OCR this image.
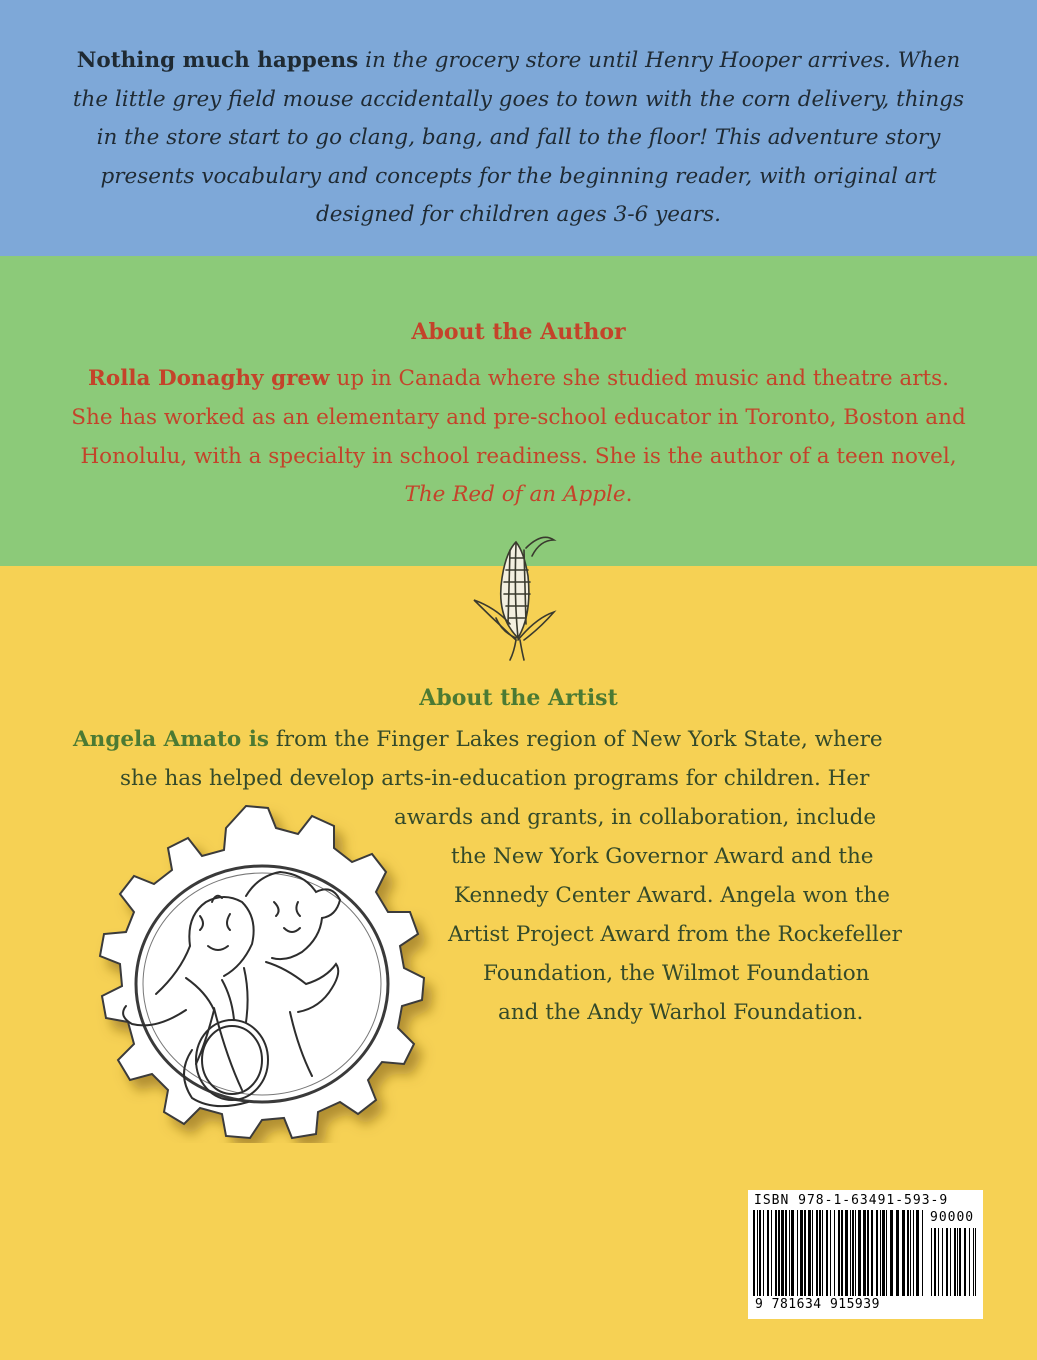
Nothing much happens in the grocery store until Henry Hooper arrives. When the little grey field mouse accidentally goes to town with the corn delivery, things in the store start to go clang, bang, and fall to the floor! This adventure story presents vocabulary and concepts for the beginning reader, with original art designed for children ages 3-6 years.

About the Author

Rolla Donaghy grew up in Canada where she studied music and theatre arts. She has worked as an elementary and pre-school educator in Toronto, Boston and Honolulu, with a specialty in school readiness. She is the author of a teen novel, The Red of an Apple.

About the Artist
Angela Amato is from the Finger Lakes region of New York State, where
she has helped develop arts-in-education programs for children. Her
awards and grants, in collaboration, include
the New York Governor Award and the
Kennedy Center Award. Angela won the
Artist Project Award from the Rockefeller
Foundation, the Wilmot Foundation
and the Andy Warhol Foundation.
ISBN 978-1-63491-593-9
90000
9 781634 915939
